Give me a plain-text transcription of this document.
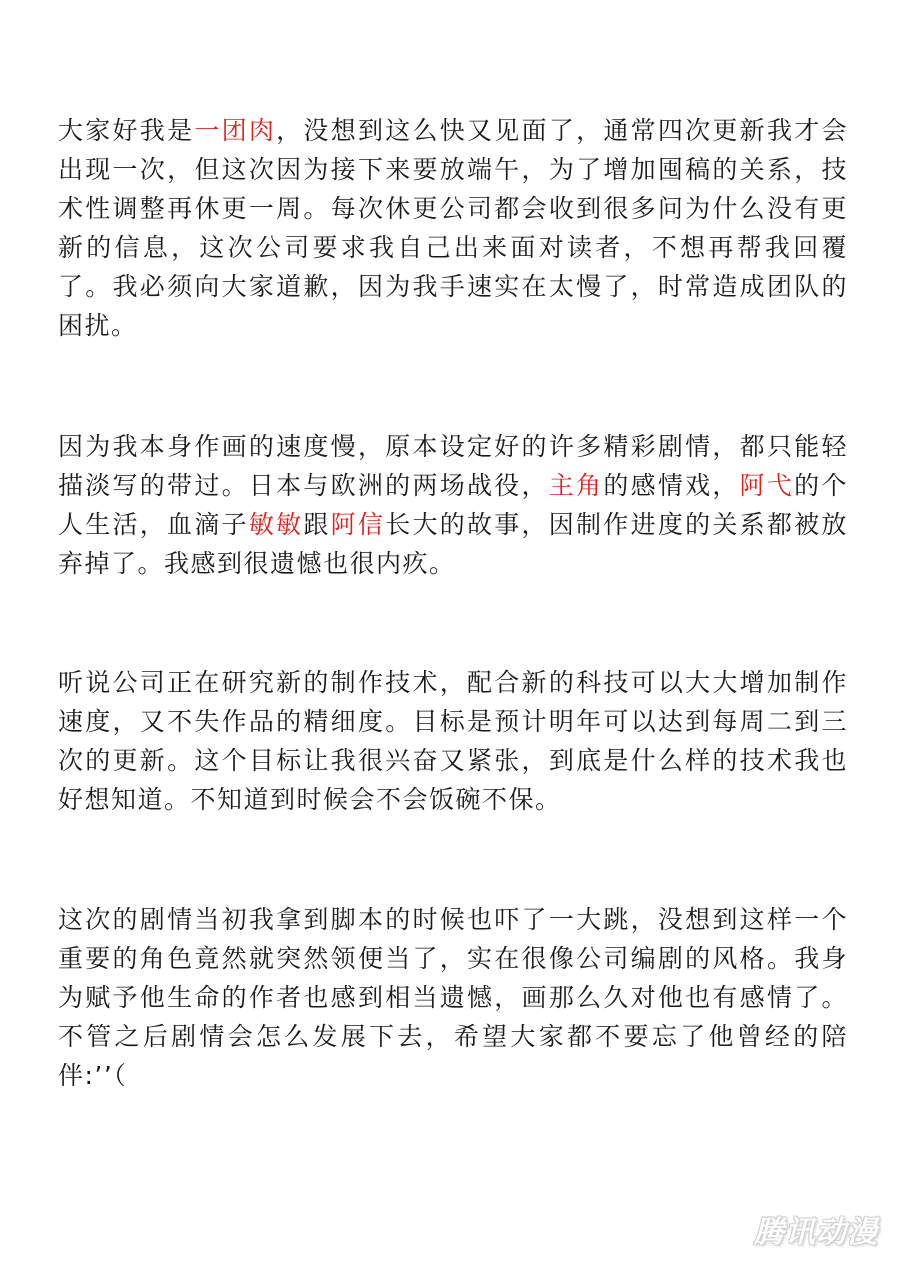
大家好我是一团肉，没想到这么快又见面了，通常四次更新我才会出现一次，但这次因为接下来要放端午，为了增加囤稿的关系，技术性调整再休更一周。每次休更公司都会收到很多问为什么没有更新的信息，这次公司要求我自己出来面对读者，不想再帮我回覆了。我必须向大家道歉，因为我手速实在太慢了，时常造成团队的困扰。

因为我本身作画的速度慢，原本设定好的许多精彩剧情，都只能轻描淡写的带过。日本与欧洲的两场战役，主角的感情戏，阿弋的个人生活，血滴子敏敏跟阿信长大的故事，因制作进度的关系都被放弃掉了。我感到很遗憾也很内疚。

听说公司正在研究新的制作技术，配合新的科技可以大大增加制作速度，又不失作品的精细度。目标是预计明年可以达到每周二到三次的更新。这个目标让我很兴奋又紧张，到底是什么样的技术我也好想知道。不知道到时候会不会饭碗不保。

这次的剧情当初我拿到脚本的时候也吓了一大跳，没想到这样一个重要的角色竟然就突然领便当了，实在很像公司编剧的风格。我身为赋予他生命的作者也感到相当遗憾，画那么久对他也有感情了。不管之后剧情会怎么发展下去，希望大家都不要忘了他曾经的陪伴:’’（

腾讯动漫
